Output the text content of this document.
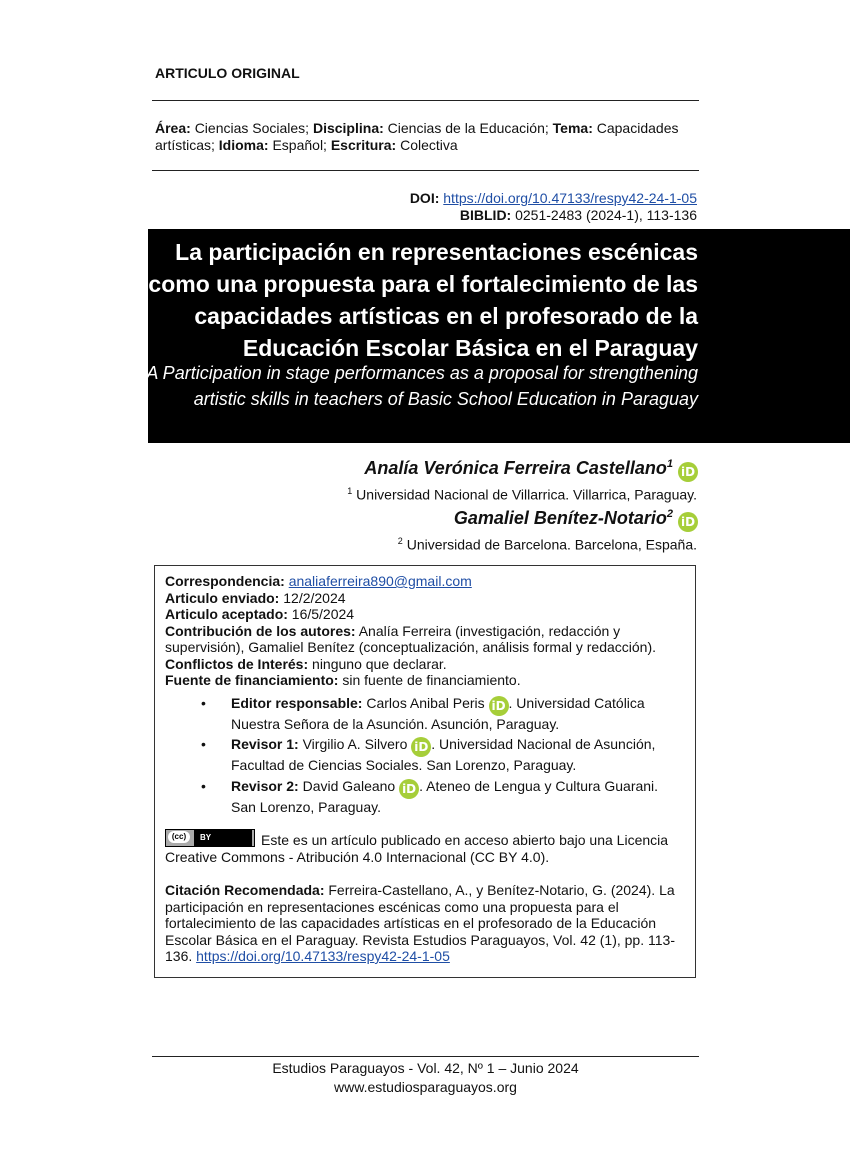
ARTICULO ORIGINAL
Área: Ciencias Sociales; Disciplina: Ciencias de la Educación; Tema: Capacidades artísticas; Idioma: Español; Escritura: Colectiva
DOI: https://doi.org/10.47133/respy42-24-1-05
BIBLID: 0251-2483 (2024-1), 113-136
La participación en representaciones escénicas como una propuesta para el fortalecimiento de las capacidades artísticas en el profesorado de la Educación Escolar Básica en el Paraguay
A Participation in stage performances as a proposal for strengthening artistic skills in teachers of Basic School Education in Paraguay
Analía Verónica Ferreira Castellano$^1$ iD
$^1$ Universidad Nacional de Villarrica. Villarrica, Paraguay.
Gamaliel Benítez-Notario$^2$ iD
$^2$ Universidad de Barcelona. Barcelona, España.

Correspondencia: analiaferreira890@gmail.com

Articulo enviado: 12/2/2024

Articulo aceptado: 16/5/2024

Contribución de los autores: Analía Ferreira (investigación, redacción y supervisión), Gamaliel Benítez (conceptualización, análisis formal y redacción).

Conflictos de Interés: ninguno que declarar.

Fuente de financiamiento: sin fuente de financiamiento.

• Editor responsable: Carlos Anibal Peris iD . Universidad Católica Nuestra Señora de la Asunción. Asunción, Paraguay.
• Revisor 1: Virgilio A. Silvero iD . Universidad Nacional de Asunción, Facultad de Ciencias Sociales. San Lorenzo, Paraguay.
• Revisor 2: David Galeano iD . Ateneo de Lengua y Cultura Guarani. San Lorenzo, Paraguay.

(cc)	BY	Este es un artículo publicado en acceso abierto bajo una Licencia Creative Commons - Atribución 4.0 Internacional (CC BY 4.0).

Citación Recomendada: Ferreira-Castellano, A., y Benítez-Notario, G. (2024). La participación en representaciones escénicas como una propuesta para el fortalecimiento de las capacidades artísticas en el profesorado de la Educación Escolar Básica en el Paraguay. Revista Estudios Paraguayos, Vol. 42 (1), pp. 113-136. https://doi.org/10.47133/respy42-24-1-05

Estudios Paraguayos - Vol. 42, Nº 1 – Junio 2024
www.estudiosparaguayos.org
